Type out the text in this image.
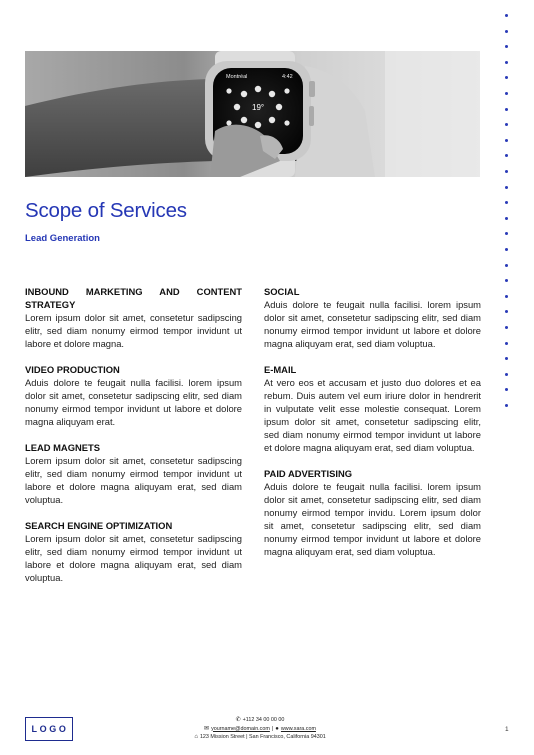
Montréal	4:42
19°
Scope of Services
Lead Generation
INBOUND MARKETING AND CONTENT STRATEGY

Lorem ipsum dolor sit amet, consetetur sadipscing elitr, sed diam nonumy eirmod tempor invidunt ut labore et dolore magna.

VIDEO PRODUCTION

Aduis dolore te feugait nulla facilisi. lorem ipsum dolor sit amet, consetetur sadipscing elitr, sed diam nonumy eirmod tempor invidunt ut labore et dolore magna aliquyam erat.

LEAD MAGNETS

Lorem ipsum dolor sit amet, consetetur sadipscing elitr, sed diam nonumy eirmod tempor invidunt ut labore et dolore magna aliquyam erat, sed diam voluptua.

SEARCH ENGINE OPTIMIZATION

Lorem ipsum dolor sit amet, consetetur sadipscing elitr, sed diam nonumy eirmod tempor invidunt ut labore et dolore magna aliquyam erat, sed diam voluptua.

SOCIAL

Aduis dolore te feugait nulla facilisi. lorem ipsum dolor sit amet, consetetur sadipscing elitr, sed diam nonumy eirmod tempor invidunt ut labore et dolore magna aliquyam erat, sed diam voluptua.

E-MAIL

At vero eos et accusam et justo duo dolores et ea rebum. Duis autem vel eum iriure dolor in hendrerit in vulputate velit esse molestie consequat. Lorem ipsum dolor sit amet, consetetur sadipscing elitr, sed diam nonumy eirmod tempor invidunt ut labore et dolore magna aliquyam erat, sed diam voluptua.

PAID ADVERTISING

Aduis dolore te feugait nulla facilisi. lorem ipsum dolor sit amet, consetetur sadipscing elitr, sed diam nonumy eirmod tempor invidu. Lorem ipsum dolor sit amet, consetetur sadipscing elitr, sed diam nonumy eirmod tempor invidunt ut labore et dolore magna aliquyam erat, sed diam voluptua.

LOGO
✆ +112 34 00 00 00
✉ yourname@domain.com | ● www.xara.com
⌂ 123 Mission Street | San Francisco, California 94301
1
